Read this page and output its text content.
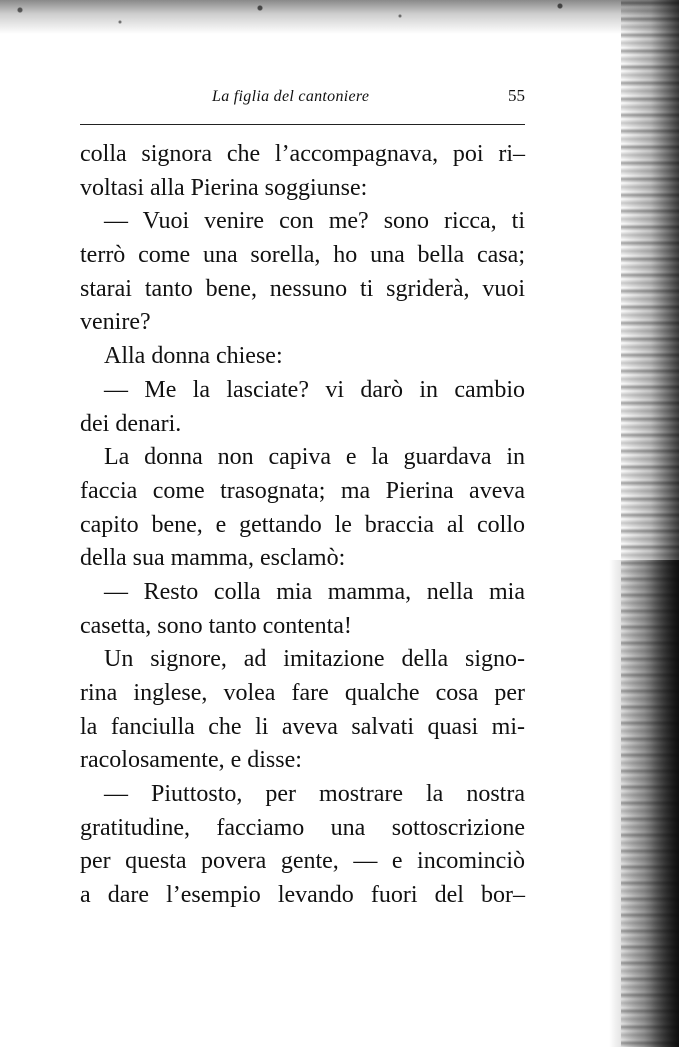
La figlia del cantoniere	55
colla signora che l’accompagnava, poi ri–
voltasi alla Pierina soggiunse:
— Vuoi venire con me? sono ricca, ti
terrò come una sorella, ho una bella casa;
starai tanto bene, nessuno ti sgriderà, vuoi
venire?
Alla donna chiese:
— Me la lasciate? vi darò in cambio
dei denari.
La donna non capiva e la guardava in
faccia come trasognata; ma Pierina aveva
capito bene, e gettando le braccia al collo
della sua mamma, esclamò:
— Resto colla mia mamma, nella mia
casetta, sono tanto contenta!
Un signore, ad imitazione della signo-
rina inglese, volea fare qualche cosa per
la fanciulla che li aveva salvati quasi mi-
racolosamente, e disse:
— Piuttosto, per mostrare la nostra
gratitudine, facciamo una sottoscrizione
per questa povera gente, — e incominciò
a dare l’esempio levando fuori del bor–
